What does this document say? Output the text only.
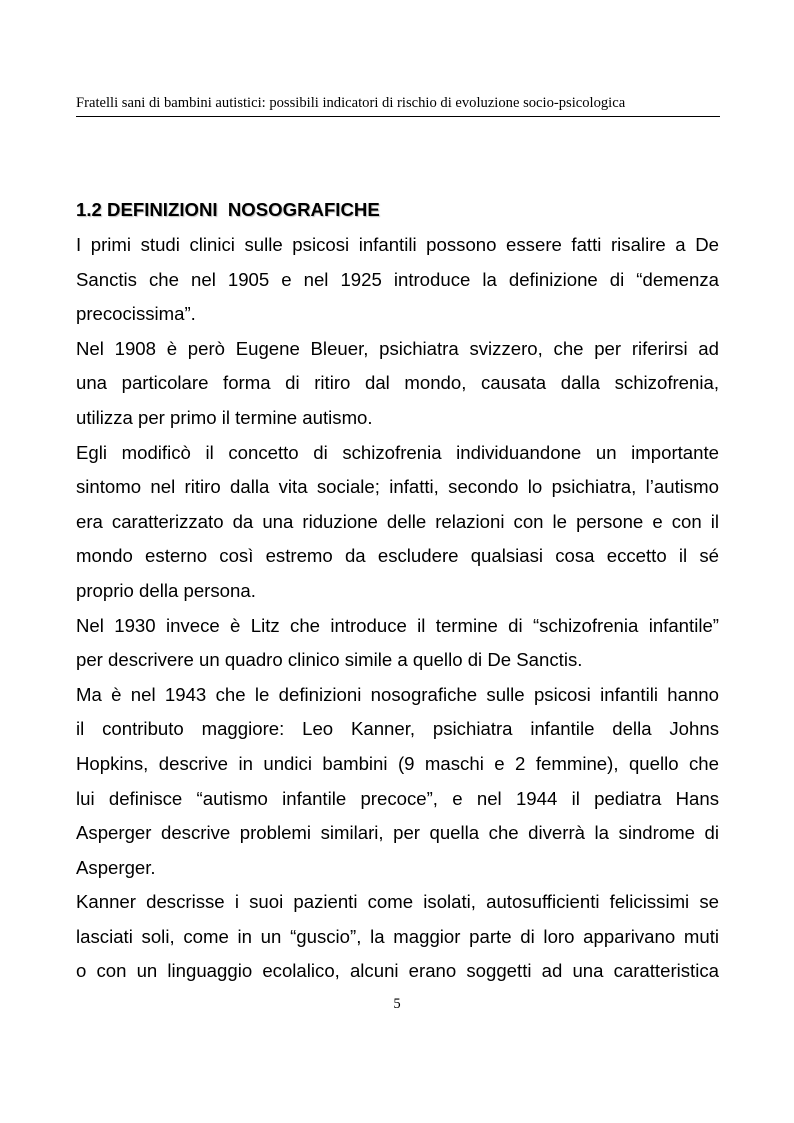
Fratelli sani di bambini autistici: possibili indicatori di rischio di evoluzione socio-psicologica
1.2 DEFINIZIONI  NOSOGRAFICHE
I primi studi clinici sulle psicosi infantili possono essere fatti risalire a De
Sanctis che nel 1905 e nel 1925 introduce la definizione di “demenza
precocissima”.
Nel 1908 è però Eugene Bleuer, psichiatra svizzero, che per riferirsi ad
una particolare forma di ritiro dal mondo, causata dalla schizofrenia,
utilizza per primo il termine autismo.
Egli modificò il concetto di schizofrenia individuandone un importante
sintomo nel ritiro dalla vita sociale; infatti, secondo lo psichiatra, l’autismo
era caratterizzato da una riduzione delle relazioni con le persone e con il
mondo esterno così estremo da escludere qualsiasi cosa eccetto il sé
proprio della persona.
Nel 1930 invece è Litz che introduce il termine di “schizofrenia infantile”
per descrivere un quadro clinico simile a quello di De Sanctis.
Ma è nel 1943 che le definizioni nosografiche sulle psicosi infantili hanno
il contributo maggiore: Leo Kanner, psichiatra infantile della Johns
Hopkins, descrive in undici bambini (9 maschi e 2 femmine), quello che
lui definisce “autismo infantile precoce”, e nel 1944 il pediatra Hans
Asperger descrive problemi similari, per quella che diverrà la sindrome di
Asperger.
Kanner descrisse i suoi pazienti come isolati, autosufficienti felicissimi se
lasciati soli, come in un “guscio”, la maggior parte di loro apparivano muti
o con un linguaggio ecolalico, alcuni erano soggetti ad una caratteristica
5
